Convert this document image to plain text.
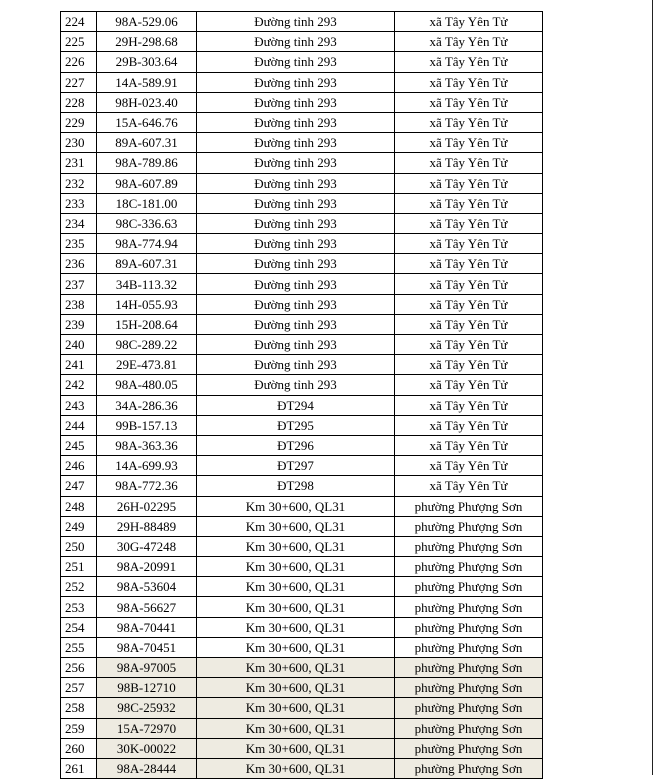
224	98A-529.06	Đường tỉnh 293	xã Tây Yên Tử
225	29H-298.68	Đường tỉnh 293	xã Tây Yên Tử
226	29B-303.64	Đường tỉnh 293	xã Tây Yên Tử
227	14A-589.91	Đường tỉnh 293	xã Tây Yên Tử
228	98H-023.40	Đường tỉnh 293	xã Tây Yên Tử
229	15A-646.76	Đường tỉnh 293	xã Tây Yên Tử
230	89A-607.31	Đường tỉnh 293	xã Tây Yên Tử
231	98A-789.86	Đường tỉnh 293	xã Tây Yên Tử
232	98A-607.89	Đường tỉnh 293	xã Tây Yên Tử
233	18C-181.00	Đường tỉnh 293	xã Tây Yên Tử
234	98C-336.63	Đường tỉnh 293	xã Tây Yên Tử
235	98A-774.94	Đường tỉnh 293	xã Tây Yên Tử
236	89A-607.31	Đường tỉnh 293	xã Tây Yên Tử
237	34B-113.32	Đường tỉnh 293	xã Tây Yên Tử
238	14H-055.93	Đường tỉnh 293	xã Tây Yên Tử
239	15H-208.64	Đường tỉnh 293	xã Tây Yên Tử
240	98C-289.22	Đường tỉnh 293	xã Tây Yên Tử
241	29E-473.81	Đường tỉnh 293	xã Tây Yên Tử
242	98A-480.05	Đường tỉnh 293	xã Tây Yên Tử
243	34A-286.36	ĐT294	xã Tây Yên Tử
244	99B-157.13	ĐT295	xã Tây Yên Tử
245	98A-363.36	ĐT296	xã Tây Yên Tử
246	14A-699.93	ĐT297	xã Tây Yên Tử
247	98A-772.36	ĐT298	xã Tây Yên Tử
248	26H-02295	Km 30+600, QL31	phường Phượng Sơn
249	29H-88489	Km 30+600, QL31	phường Phượng Sơn
250	30G-47248	Km 30+600, QL31	phường Phượng Sơn
251	98A-20991	Km 30+600, QL31	phường Phượng Sơn
252	98A-53604	Km 30+600, QL31	phường Phượng Sơn
253	98A-56627	Km 30+600, QL31	phường Phượng Sơn
254	98A-70441	Km 30+600, QL31	phường Phượng Sơn
255	98A-70451	Km 30+600, QL31	phường Phượng Sơn
256	98A-97005	Km 30+600, QL31	phường Phượng Sơn
257	98B-12710	Km 30+600, QL31	phường Phượng Sơn
258	98C-25932	Km 30+600, QL31	phường Phượng Sơn
259	15A-72970	Km 30+600, QL31	phường Phượng Sơn
260	30K-00022	Km 30+600, QL31	phường Phượng Sơn
261	98A-28444	Km 30+600, QL31	phường Phượng Sơn
